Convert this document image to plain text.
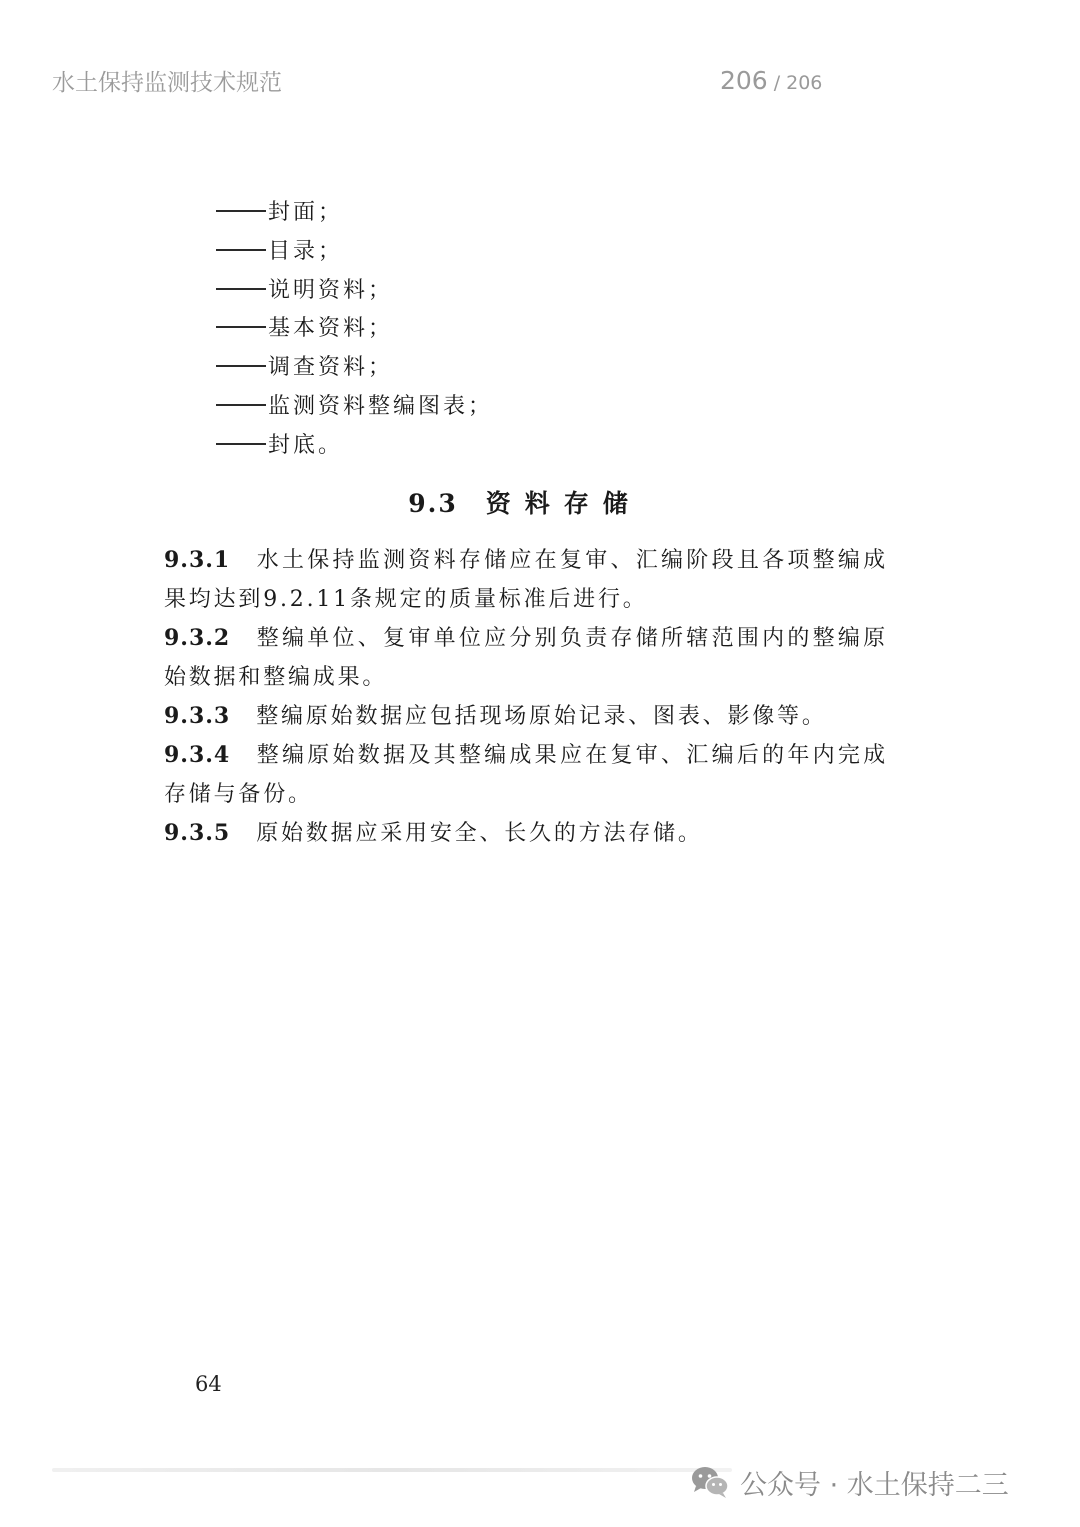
水土保持监测技术规范	206 / 206
封面；
目录；
说明资料；
基本资料；
调查资料；
监测资料整编图表；
封底。
9.3 资料存储
9.3.1 水土保持监测资料存储应在复审、汇编阶段且各项整编成果均达到9.2.11条规定的质量标准后进行。
9.3.2 整编单位、复审单位应分别负责存储所辖范围内的整编原始数据和整编成果。
9.3.3 整编原始数据应包括现场原始记录、图表、影像等。
9.3.4 整编原始数据及其整编成果应在复审、汇编后的年内完成存储与备份。
9.3.5 原始数据应采用安全、长久的方法存储。
64
公众号 · 水土保持二三
